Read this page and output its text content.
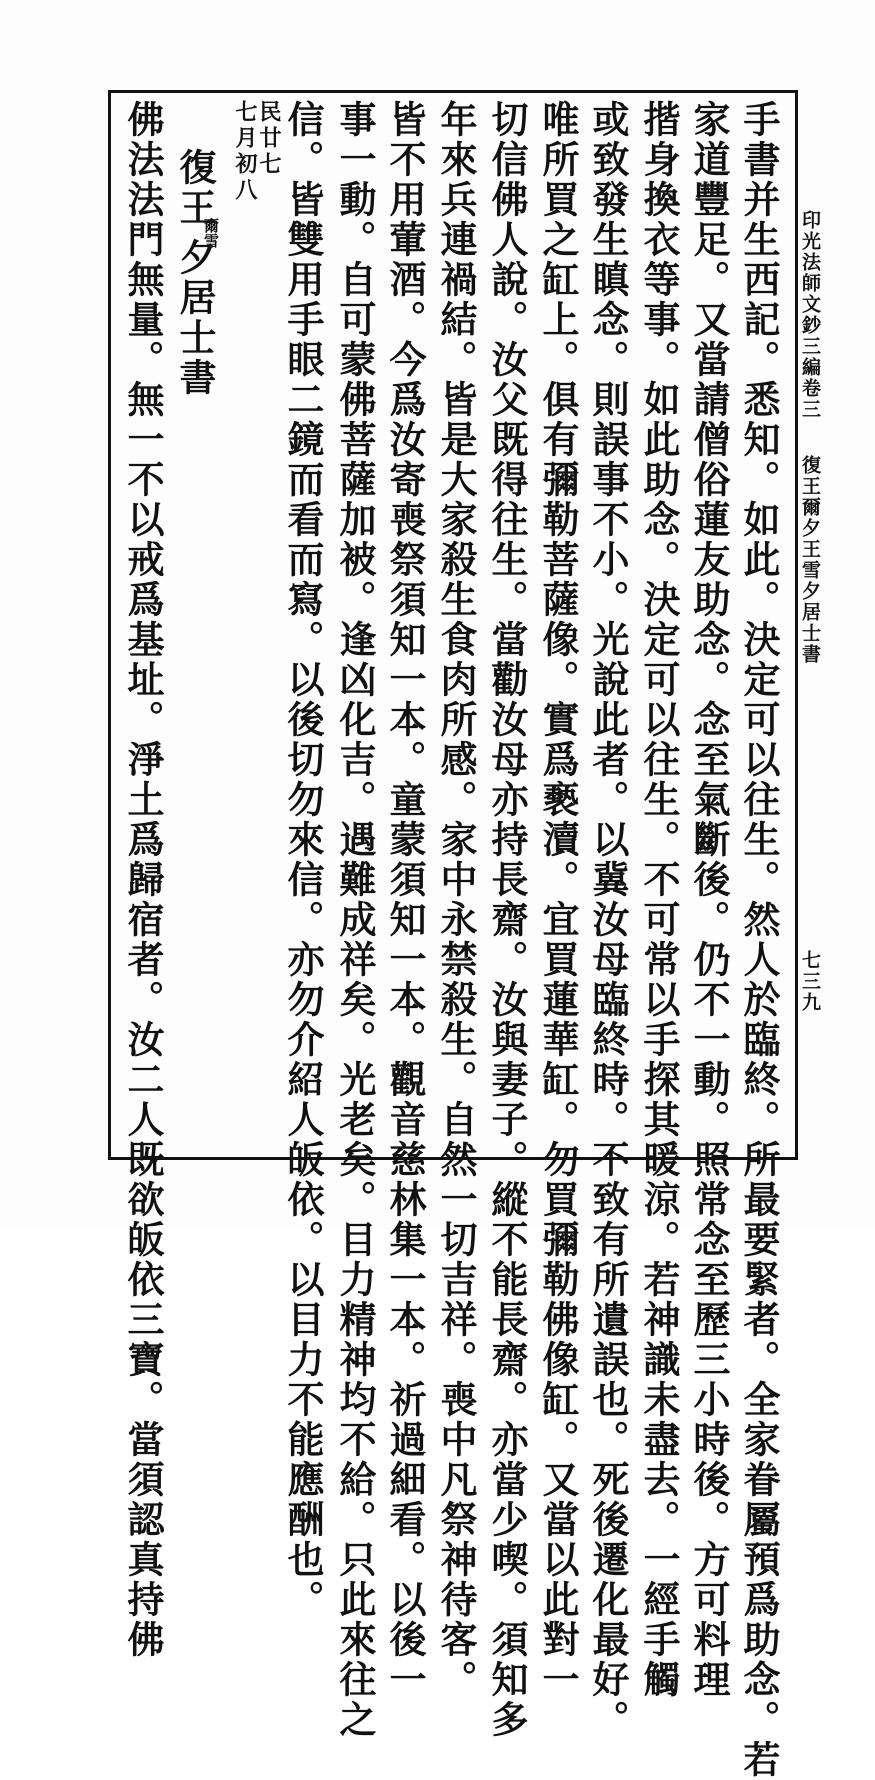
印光法師文鈔三編卷三
復王爾夕王雪夕居士書
七三九
手書并生西記。悉知。如此。決定可以往生。然人於臨終。所最要緊者。全家眷屬預爲助念。若
家道豐足。又當請僧俗蓮友助念。念至氣斷後。仍不一動。照常念至歷三小時後。方可料理
揩身換衣等事。如此助念。決定可以往生。不可常以手探其暖涼。若神識未盡去。一經手觸
或致發生瞋念。則誤事不小。光說此者。以冀汝母臨終時。不致有所遺誤也。死後遷化最好。
唯所買之缸上。俱有彌勒菩薩像。實爲褻瀆。宜買蓮華缸。勿買彌勒佛像缸。又當以此對一
切信佛人說。汝父既得往生。當勸汝母亦持長齋。汝與妻子。縱不能長齋。亦當少喫。須知多
年來兵連禍結。皆是大家殺生食肉所感。家中永禁殺生。自然一切吉祥。喪中凡祭神待客。
皆不用葷酒。今爲汝寄喪祭須知一本。童蒙須知一本。觀音慈林集一本。祈過細看。以後一
事一動。自可蒙佛菩薩加被。逢凶化吉。遇難成祥矣。光老矣。目力精神均不給。只此來往之
信。皆雙用手眼二鏡而看而寫。以後切勿來信。亦勿介紹人皈依。以目力不能應酬也。
民廿七
七月初八
復王
爾雪
夕居士書
佛法法門無量。無一不以戒爲基址。淨土爲歸宿者。汝二人既欲皈依三寶。當須認真持佛
